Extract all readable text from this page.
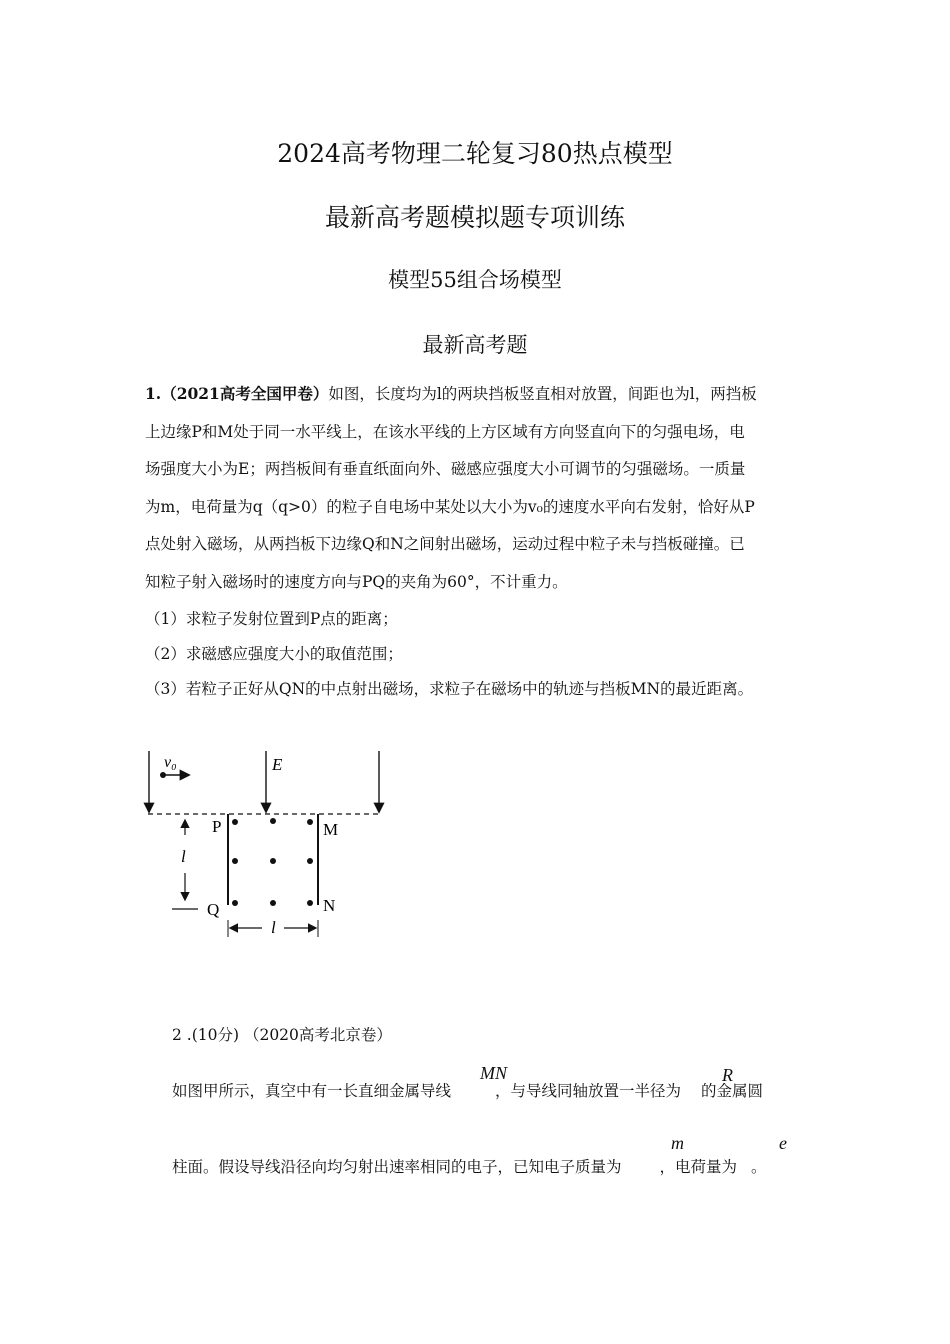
2024高考物理二轮复习80热点模型
最新高考题模拟题专项训练
模型55组合场模型
最新高考题
1.（2021高考全国甲卷）如图，长度均为l的两块挡板竖直相对放置，间距也为l，两挡板
上边缘P和M处于同一水平线上，在该水平线的上方区域有方向竖直向下的匀强电场，电
场强度大小为E；两挡板间有垂直纸面向外、磁感应强度大小可调节的匀强磁场。一质量
为m，电荷量为q（q>0）的粒子自电场中某处以大小为v₀的速度水平向右发射，恰好从P
点处射入磁场，从两挡板下边缘Q和N之间射出磁场，运动过程中粒子未与挡板碰撞。已
知粒子射入磁场时的速度方向与PQ的夹角为60°，不计重力。
（1）求粒子发射位置到P点的距离；
（2）求磁感应强度大小的取值范围；
（3）若粒子正好从QN的中点射出磁场，求粒子在磁场中的轨迹与挡板MN的最近距离。
v₀	E
P	M
Q	N
l
l
2 .(10分) （2020高考北京卷）
如图甲所示，真空中有一长直细金属导线	，与导线同轴放置一半径为 的金属圆
MN	R
柱面。假设导线沿径向均匀射出速率相同的电子，已知电子质量为 ，电荷量为 。
m	e
